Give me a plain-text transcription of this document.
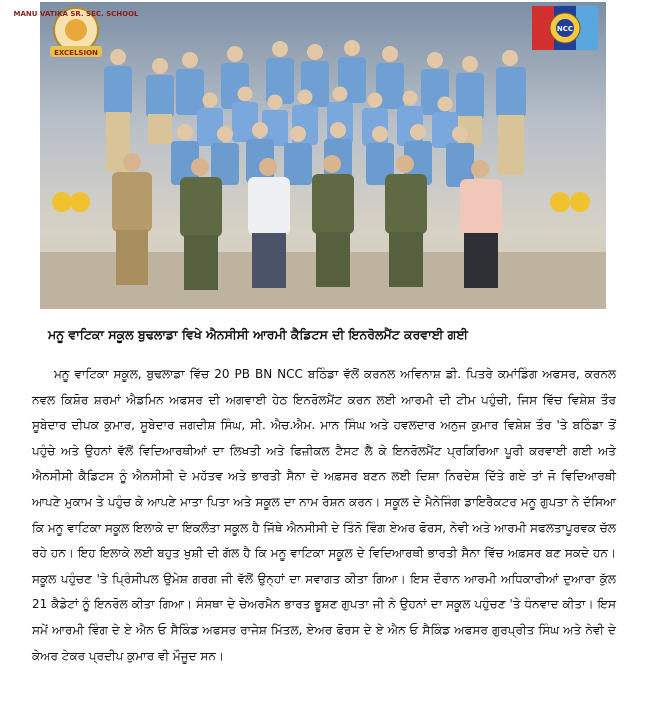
MANU VATIKA SR. SEC. SCHOOL
EXCELSION
NCC

ਮਨੂ ਵਾਟਿਕਾ ਸਕੂਲ ਬੁਢਲਾਡਾ ਵਿਖੇ ਐਨਸੀਸੀ ਆਰਮੀ ਕੈਡਿਟਸ ਦੀ ਇਨਰੋਲਮੈਂਟ ਕਰਵਾਈ ਗਈ

ਮਨੂ ਵਾਟਿਕਾ ਸਕੂਲ, ਬੁਢਲਾਡਾ ਵਿੱਚ 20 PB BN NCC ਬਠਿੰਡਾ ਵੱਲੋਂ ਕਰਨਲ ਅਵਿਨਾਸ਼ ਡੀ. ਪਿਤਰੇ ਕਮਾਂਡਿੰਗ ਅਫਸਰ, ਕਰਨਲ ਨਵਲ ਕਿਸ਼ੋਰ ਸ਼ਰਮਾਂ ਐਡਮਿਨ ਅਫਸਰ ਦੀ ਅਗਵਾਈ ਹੇਠ ਇਨਰੋਲਮੈਂਟ ਕਰਨ ਲਈ ਆਰਮੀ ਦੀ ਟੀਮ ਪਹੁੰਚੀ, ਜਿਸ ਵਿੱਚ ਵਿਸ਼ੇਸ਼ ਤੌਰ ਸੂਬੇਦਾਰ ਦੀਪਕ ਕੁਮਾਰ, ਸੂਬੇਦਾਰ ਜਗਦੀਸ਼ ਸਿੰਘ, ਸੀ. ਐਚ.ਐਮ. ਮਾਨ ਸਿੰਘ ਅਤੇ ਹਵਲਦਾਰ ਅਨੁਜ ਕੁਮਾਰ ਵਿਸ਼ੇਸ਼ ਤੌਰ 'ਤੇ ਬਠਿੰਡਾ ਤੋਂ ਪਹੁੰਚੇ ਅਤੇ ਉਹਨਾਂ ਵੱਲੋਂ ਵਿਦਿਆਰਥੀਆਂ ਦਾ ਲਿਖਤੀ ਅਤੇ ਫਿਜ਼ੀਕਲ ਟੈਸਟ ਲੈ ਕੇ ਇਨਰੋਲਮੈਂਟ ਪ੍ਰਕਿਰਿਆ ਪੂਰੀ ਕਰਵਾਈ ਗਈ ਅਤੇ ਐਨਸੀਸੀ ਕੈਡਿਟਸ ਨੂੰ ਐਨਸੀਸੀ ਦੇ ਮਹੱਤਵ ਅਤੇ ਭਾਰਤੀ ਸੈਨਾ ਦੇ ਅਫ਼ਸਰ ਬਣਨ ਲਈ ਦਿਸ਼ਾ ਨਿਰਦੇਸ਼ ਦਿੱਤੇ ਗਏ ਤਾਂ ਜੋ ਵਿਦਿਆਰਥੀ ਆਪਣੇ ਮੁਕਾਮ ਤੇ ਪਹੁੰਚ ਕੇ ਆਪਣੇ ਮਾਤਾ ਪਿਤਾ ਅਤੇ ਸਕੂਲ ਦਾ ਨਾਮ ਰੋਸ਼ਨ ਕਰਨ। ਸਕੂਲ ਦੇ ਮੈਨੇਜਿੰਗ ਡਾਇਰੈਕਟਰ ਮਨੂ ਗੁਪਤਾ ਨੇ ਦੱਸਿਆ ਕਿ ਮਨੂ ਵਾਟਿਕਾ ਸਕੂਲ ਇਲਾਕੇ ਦਾ ਇਕਲੌਤਾ ਸਕੂਲ ਹੈ ਜਿੱਥੇ ਐਨਸੀਸੀ ਦੇ ਤਿੰਨੋ ਵਿੰਗ ਏਅਰ ਫੋਰਸ, ਨੇਵੀ ਅਤੇ ਆਰਮੀ ਸਫਲਤਾਪੂਰਵਕ ਚੱਲ ਰਹੇ ਹਨ। ਇਹ ਇਲਾਕੇ ਲਈ ਬਹੁਤ ਖੁਸ਼ੀ ਦੀ ਗੱਲ ਹੈ ਕਿ ਮਨੂ ਵਾਟਿਕਾ ਸਕੂਲ ਦੇ ਵਿਦਿਆਰਥੀ ਭਾਰਤੀ ਸੈਨਾ ਵਿੱਚ ਅਫ਼ਸਰ ਬਣ ਸਕਦੇ ਹਨ। ਸਕੂਲ ਪਹੁੰਚਣ 'ਤੇ ਪ੍ਰਿੰਸੀਪਲ ਉਮੇਸ਼ ਗਰਗ ਜੀ ਵੱਲੋਂ ਉਨ੍ਹਾਂ ਦਾ ਸਵਾਗਤ ਕੀਤਾ ਗਿਆ। ਇਸ ਦੌਰਾਨ ਆਰਮੀ ਅਧਿਕਾਰੀਆਂ ਦੁਆਰਾ ਕੁੱਲ 21 ਕੈਡੇਟਾਂ ਨੂੰ ਇਨਰੋਲ ਕੀਤਾ ਗਿਆ। ਸੰਸਥਾ ਦੇ ਚੇਅਰਮੈਨ ਭਾਰਤ ਭੂਸ਼ਣ ਗੁਪਤਾ ਜੀ ਨੇ ਉਹਨਾਂ ਦਾ ਸਕੂਲ ਪਹੁੰਚਣ 'ਤੇ ਧੰਨਵਾਦ ਕੀਤਾ। ਇਸ ਸਮੇਂ ਆਰਮੀ ਵਿੰਗ ਦੇ ਏ ਐਨ ਓ ਸੈਕਿੰਡ ਅਫਸਰ ਰਾਜੇਸ਼ ਮਿੱਤਲ, ਏਅਰ ਫੋਰਸ ਦੇ ਏ ਐਨ ਓ ਸੈਕਿੰਡ ਅਫਸਰ ਗੁਰਪ੍ਰੀਤ ਸਿੰਘ ਅਤੇ ਨੇਵੀ ਦੇ ਕੇਅਰ ਟੇਕਰ ਪ੍ਰਦੀਪ ਕੁਮਾਰ ਵੀ ਮੌਜੂਦ ਸਨ।
